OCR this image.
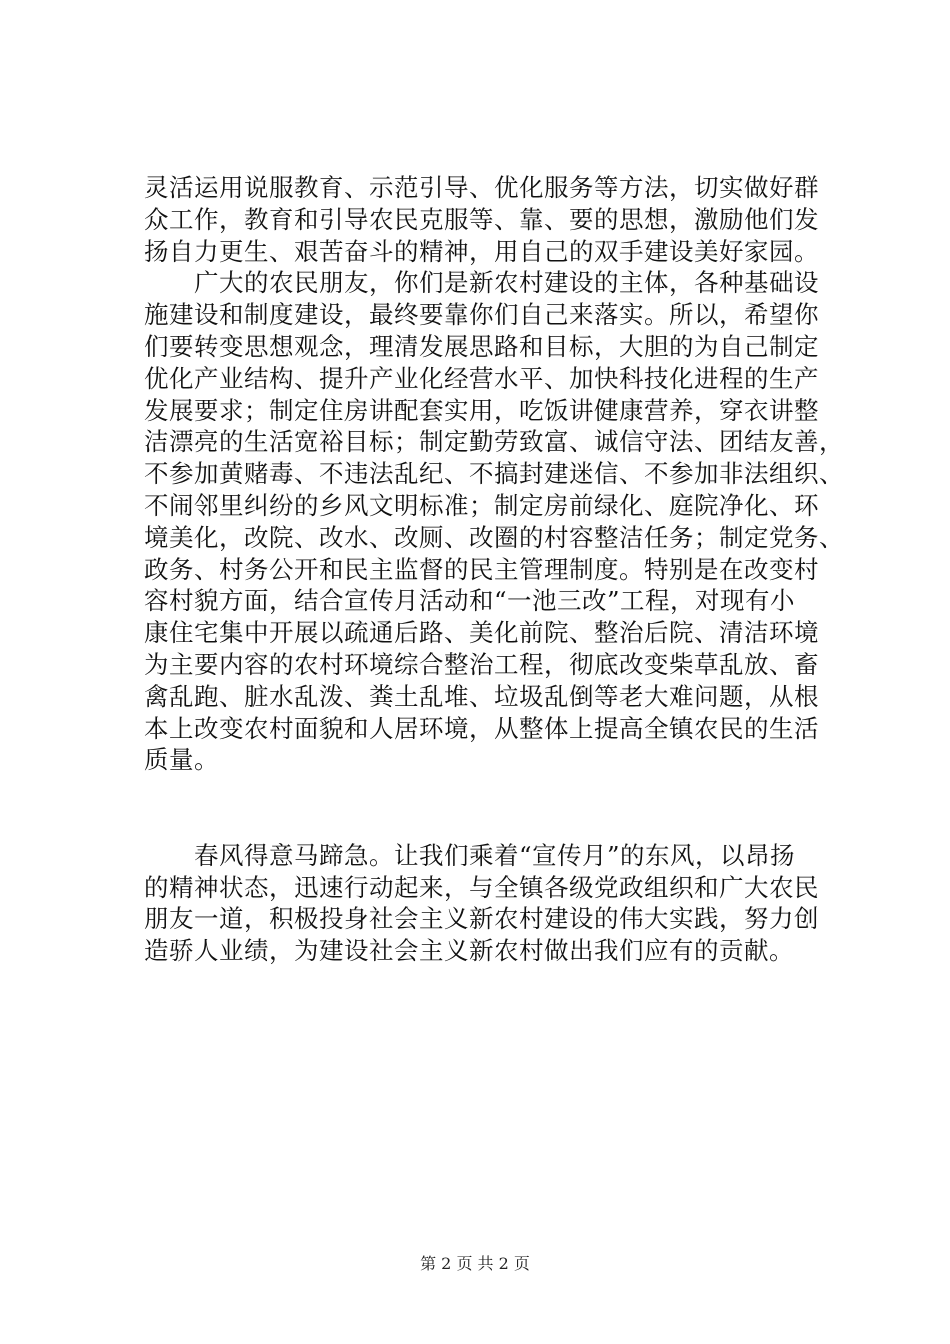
灵活运用说服教育、示范引导、优化服务等方法，切实做好群
众工作，教育和引导农民克服等、靠、要的思想，激励他们发
扬自力更生、艰苦奋斗的精神，用自己的双手建设美好家园。
广大的农民朋友，你们是新农村建设的主体，各种基础设
施建设和制度建设，最终要靠你们自己来落实。所以，希望你
们要转变思想观念，理清发展思路和目标，大胆的为自己制定
优化产业结构、提升产业化经营水平、加快科技化进程的生产
发展要求；制定住房讲配套实用，吃饭讲健康营养，穿衣讲整
洁漂亮的生活宽裕目标；制定勤劳致富、诚信守法、团结友善，
不参加黄赌毒、不违法乱纪、不搞封建迷信、不参加非法组织、
不闹邻里纠纷的乡风文明标准；制定房前绿化、庭院净化、环
境美化，改院、改水、改厕、改圈的村容整洁任务；制定党务、
政务、村务公开和民主监督的民主管理制度。特别是在改变村
容村貌方面，结合宣传月活动和“一池三改”工程，对现有小
康住宅集中开展以疏通后路、美化前院、整治后院、清洁环境
为主要内容的农村环境综合整治工程，彻底改变柴草乱放、畜
禽乱跑、脏水乱泼、粪土乱堆、垃圾乱倒等老大难问题，从根
本上改变农村面貌和人居环境，从整体上提高全镇农民的生活
质量。
春风得意马蹄急。让我们乘着“宣传月”的东风，以昂扬
的精神状态，迅速行动起来，与全镇各级党政组织和广大农民
朋友一道，积极投身社会主义新农村建设的伟大实践，努力创
造骄人业绩，为建设社会主义新农村做出我们应有的贡献。
第 2 页 共 2 页
